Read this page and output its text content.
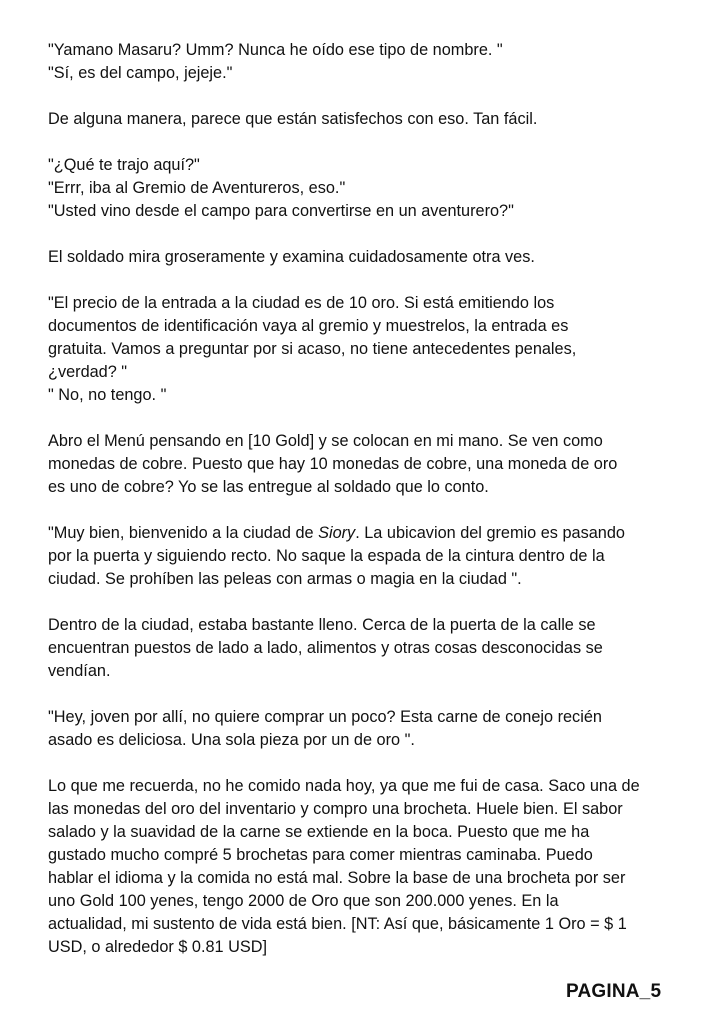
"Yamano Masaru? Umm? Nunca he oído ese tipo de nombre. "
"Sí, es del campo, jejeje."

De alguna manera, parece que están satisfechos con eso. Tan fácil.

"¿Qué te trajo aquí?"
"Errr, iba al Gremio de Aventureros, eso."
"Usted vino desde el campo para convertirse en un aventurero?"

El soldado mira groseramente y examina cuidadosamente otra ves.

"El precio de la entrada a la ciudad es de 10 oro. Si está emitiendo los
documentos de identificación vaya al gremio y muestrelos, la entrada es
gratuita. Vamos a preguntar por si acaso, no tiene antecedentes penales,
¿verdad? "
" No, no tengo. "

Abro el Menú pensando en [10 Gold] y se colocan en mi mano. Se ven como
monedas de cobre. Puesto que hay 10 monedas de cobre, una moneda de oro
es uno de cobre? Yo se las entregue al soldado que lo conto.

"Muy bien, bienvenido a la ciudad de Siory. La ubicavion del gremio es pasando
por la puerta y siguiendo recto. No saque la espada de la cintura dentro de la
ciudad. Se prohíben las peleas con armas o magia en la ciudad ".

Dentro de la ciudad, estaba bastante lleno. Cerca de la puerta de la calle se
encuentran puestos de lado a lado, alimentos y otras cosas desconocidas se
vendían.

"Hey, joven por allí, no quiere comprar un poco? Esta carne de conejo recién
asado es deliciosa. Una sola pieza por un de oro ".

Lo que me recuerda, no he comido nada hoy, ya que me fui de casa. Saco una de
las monedas del oro del inventario y compro una brocheta. Huele bien. El sabor
salado y la suavidad de la carne se extiende en la boca. Puesto que me ha
gustado mucho compré 5 brochetas para comer mientras caminaba. Puedo
hablar el idioma y la comida no está mal. Sobre la base de una brocheta por ser
uno Gold 100 yenes, tengo 2000 de Oro que son 200.000 yenes. En la
actualidad, mi sustento de vida está bien. [NT: Así que, básicamente 1 Oro = $ 1
USD, o alrededor $ 0.81 USD]

PAGINA_5
